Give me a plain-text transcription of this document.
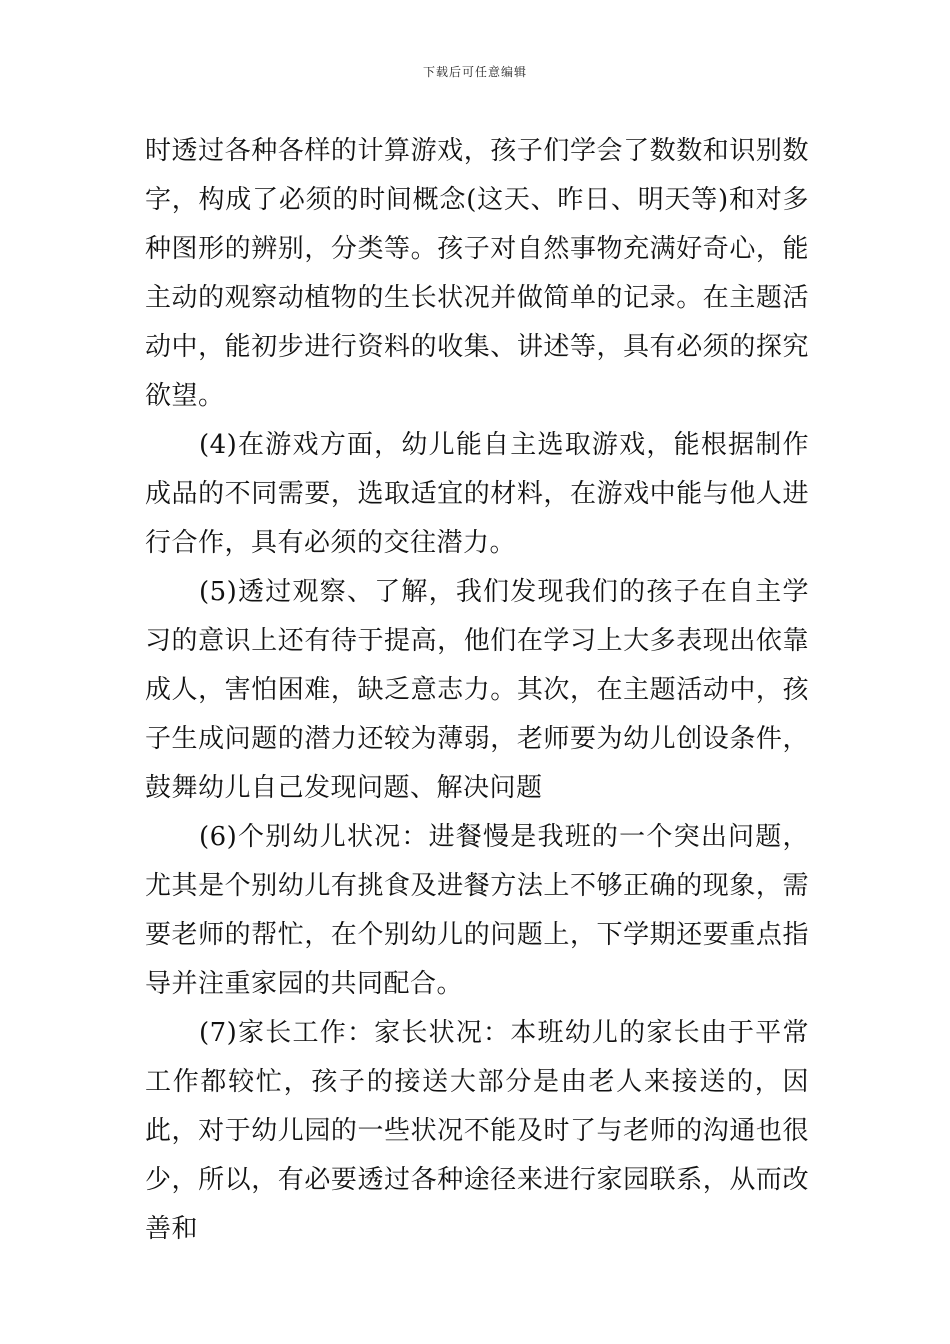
下载后可任意编辑

时透过各种各样的计算游戏，孩子们学会了数数和识别数字，构成了必须的时间概念(这天、昨日、明天等)和对多种图形的辨别，分类等。孩子对自然事物充满好奇心，能主动的观察动植物的生长状况并做简单的记录。在主题活动中，能初步进行资料的收集、讲述等，具有必须的探究欲望。

(4)在游戏方面，幼儿能自主选取游戏，能根据制作成品的不同需要，选取适宜的材料，在游戏中能与他人进行合作，具有必须的交往潜力。

(5)透过观察、了解，我们发现我们的孩子在自主学习的意识上还有待于提高，他们在学习上大多表现出依靠成人，害怕困难，缺乏意志力。其次，在主题活动中，孩子生成问题的潜力还较为薄弱，老师要为幼儿创设条件，鼓舞幼儿自己发现问题、解决问题

(6)个别幼儿状况：进餐慢是我班的一个突出问题，尤其是个别幼儿有挑食及进餐方法上不够正确的现象，需要老师的帮忙，在个别幼儿的问题上，下学期还要重点指导并注重家园的共同配合。

(7)家长工作：家长状况：本班幼儿的家长由于平常工作都较忙，孩子的接送大部分是由老人来接送的，因此，对于幼儿园的一些状况不能及时了与老师的沟通也很少，所以，有必要透过各种途径来进行家园联系，从而改善和
